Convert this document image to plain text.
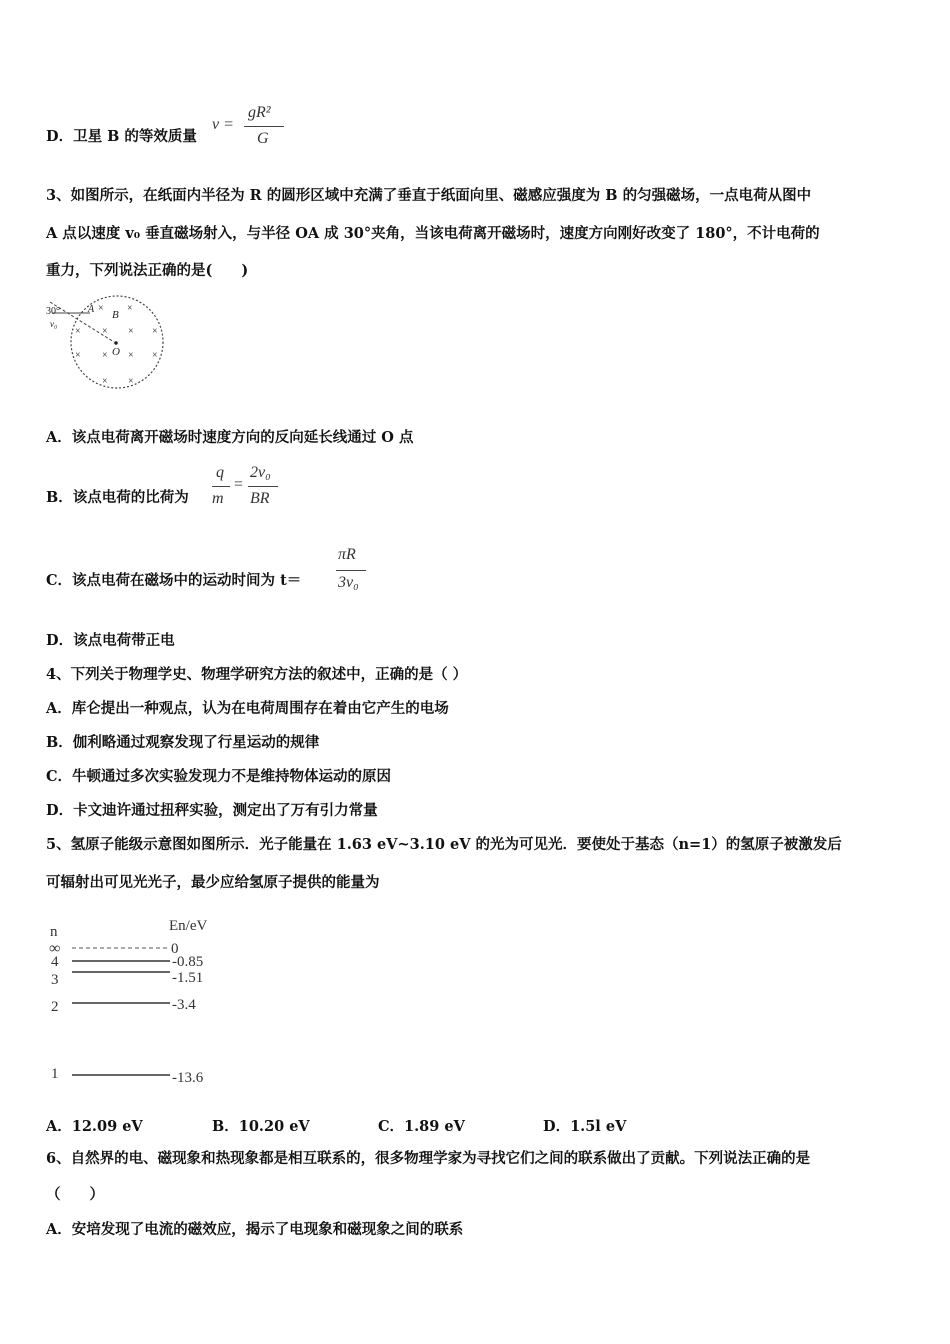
D．卫星 B 的等效质量
v =
gR²
G
3、如图所示，在纸面内半径为 R 的圆形区域中充满了垂直于纸面向里、磁感应强度为 B 的匀强磁场，一点电荷从图中
A 点以速度 v₀ 垂直磁场射入，与半径 OA 成 30°夹角，当该电荷离开磁场时，速度方向刚好改变了 180°，不计电荷的
重力，下列说法正确的是(　　)
30°	A
v₀
B
O
× ×
× × × ×
× × × ×
× ×
A．该点电荷离开磁场时速度方向的反向延长线通过 O 点
B．该点电荷的比荷为
q
m
=
2v₀
BR
C．该点电荷在磁场中的运动时间为 t＝
πR
3v₀
D．该点电荷带正电
4、下列关于物理学史、物理学研究方法的叙述中，正确的是（ ）
A．库仑提出一种观点，认为在电荷周围存在着由它产生的电场
B．伽利略通过观察发现了行星运动的规律
C．牛顿通过多次实验发现力不是维持物体运动的原因
D．卡文迪许通过扭秤实验，测定出了万有引力常量
5、氢原子能级示意图如图所示．光子能量在 1.63 eV~3.10 eV 的光为可见光．要使处于基态（n=1）的氢原子被激发后
可辐射出可见光光子，最少应给氢原子提供的能量为
n	En/eV
∞	0
4	-0.85
3	-1.51
2	-3.4
1	-13.6
A．12.09 eV	B．10.20 eV	C．1.89 eV	D．1.5l eV
6、自然界的电、磁现象和热现象都是相互联系的，很多物理学家为寻找它们之间的联系做出了贡献。下列说法正确的是
（　　）
A．安培发现了电流的磁效应，揭示了电现象和磁现象之间的联系
